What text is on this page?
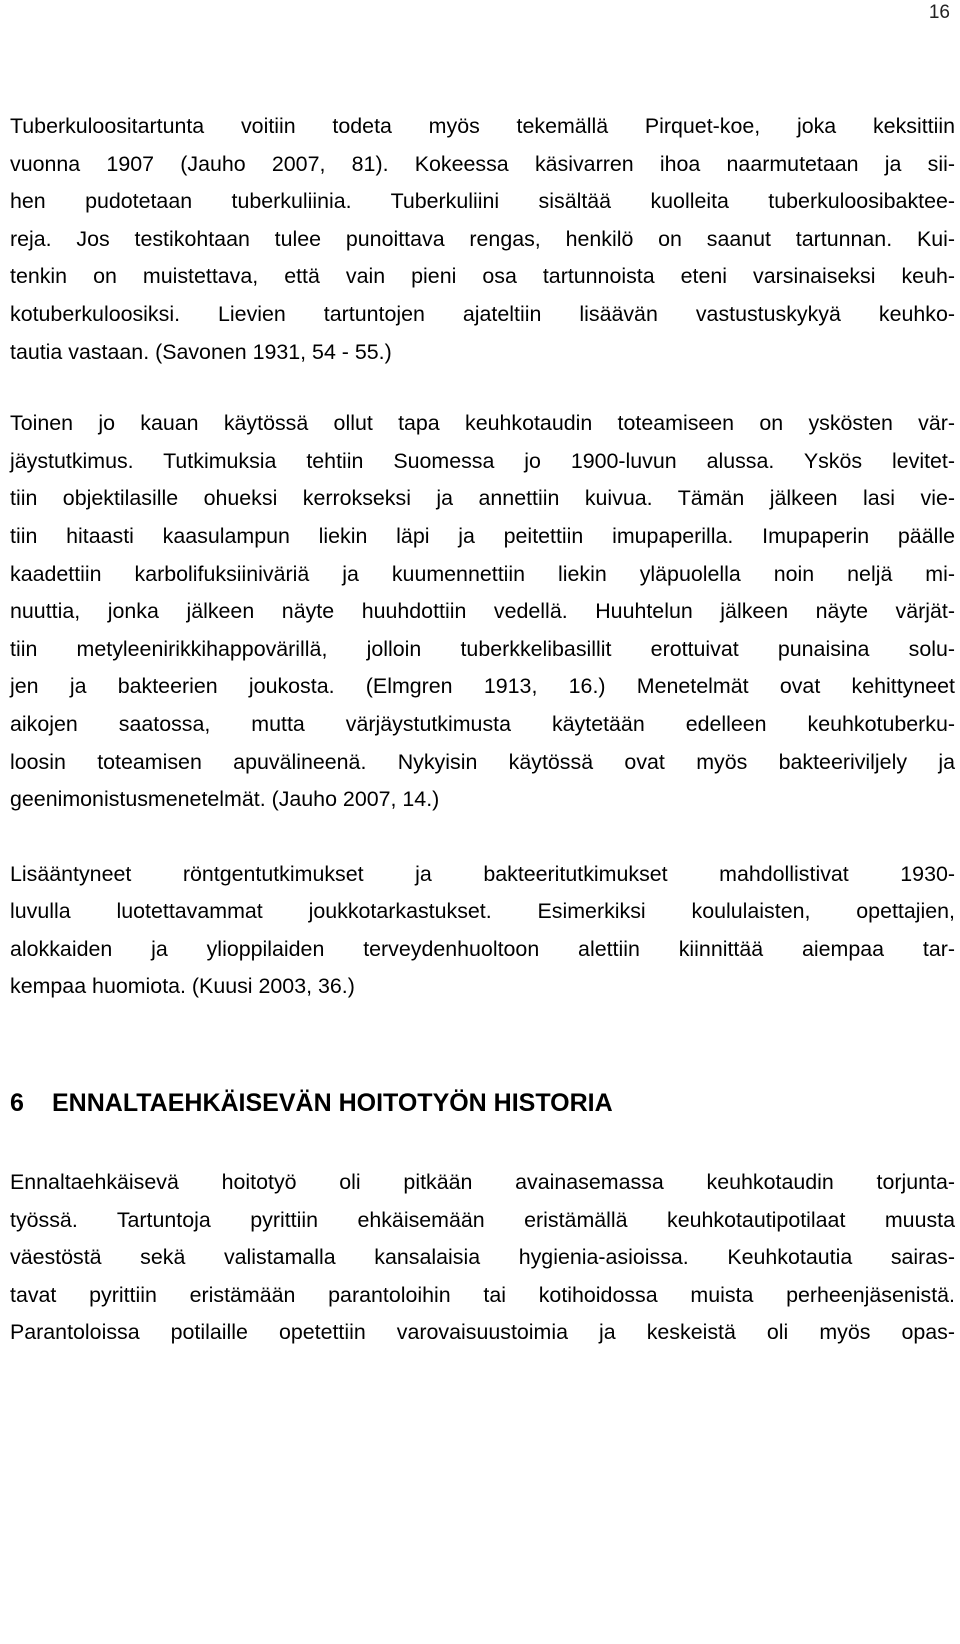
16

Tuberkuloositartunta voitiin todeta myös tekemällä Pirquet-koe, joka keksittiin
vuonna 1907 (Jauho 2007, 81). Kokeessa käsivarren ihoa naarmutetaan ja sii-
hen pudotetaan tuberkuliinia. Tuberkuliini sisältää kuolleita tuberkuloosibaktee-
reja. Jos testikohtaan tulee punoittava rengas, henkilö on saanut tartunnan. Kui-
tenkin on muistettava, että vain pieni osa tartunnoista eteni varsinaiseksi keuh-
kotuberkuloosiksi. Lievien tartuntojen ajateltiin lisäävän vastustuskykyä keuhko-
tautia vastaan. (Savonen 1931, 54 - 55.)

Toinen jo kauan käytössä ollut tapa keuhkotaudin toteamiseen on yskösten vär-
jäystutkimus. Tutkimuksia tehtiin Suomessa jo 1900-luvun alussa. Yskös levitet-
tiin objektilasille ohueksi kerrokseksi ja annettiin kuivua. Tämän jälkeen lasi vie-
tiin hitaasti kaasulampun liekin läpi ja peitettiin imupaperilla. Imupaperin päälle
kaadettiin karbolifuksiiniväriä ja kuumennettiin liekin yläpuolella noin neljä mi-
nuuttia, jonka jälkeen näyte huuhdottiin vedellä. Huuhtelun jälkeen näyte värjät-
tiin metyleenirikkihappovärillä, jolloin tuberkkelibasillit erottuivat punaisina solu-
jen ja bakteerien joukosta. (Elmgren 1913, 16.) Menetelmät ovat kehittyneet
aikojen saatossa, mutta värjäystutkimusta käytetään edelleen keuhkotuberku-
loosin toteamisen apuvälineenä. Nykyisin käytössä ovat myös bakteeriviljely ja
geenimonistusmenetelmät. (Jauho 2007, 14.)

Lisääntyneet röntgentutkimukset ja bakteeritutkimukset mahdollistivat 1930-
luvulla luotettavammat joukkotarkastukset. Esimerkiksi koululaisten, opettajien,
alokkaiden ja ylioppilaiden terveydenhuoltoon alettiin kiinnittää aiempaa tar-
kempaa huomiota. (Kuusi 2003, 36.)

6 ENNALTAEHKÄISEVÄN HOITOTYÖN HISTORIA

Ennaltaehkäisevä hoitotyö oli pitkään avainasemassa keuhkotaudin torjunta-
työssä. Tartuntoja pyrittiin ehkäisemään eristämällä keuhkotautipotilaat muusta
väestöstä sekä valistamalla kansalaisia hygienia-asioissa. Keuhkotautia sairas-
tavat pyrittiin eristämään parantoloihin tai kotihoidossa muista perheenjäsenistä.
Parantoloissa potilaille opetettiin varovaisuustoimia ja keskeistä oli myös opas-
